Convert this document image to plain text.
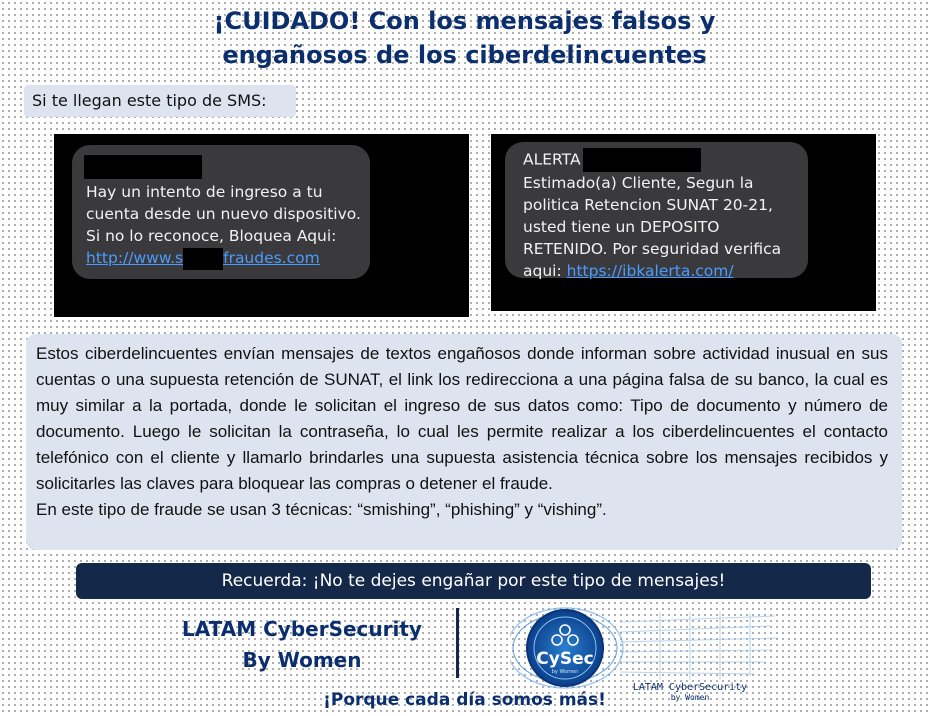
¡CUIDADO! Con los mensajes falsos y
engañosos de los ciberdelincuentes
Si te llegan este tipo de SMS:
Hay un intento de ingreso a tu
cuenta desde un nuevo dispositivo.
Si no lo reconoce, Bloquea Aqui:
http://www.s	fraudes.com
ALERTA
Estimado(a) Cliente, Segun la
politica Retencion SUNAT 20-21,
usted tiene un DEPOSITO
RETENIDO. Por seguridad verifica
aqui: https://ibkalerta.com/

Estos ciberdelincuentes envían mensajes de textos engañosos donde informan sobre actividad inusual en sus cuentas o una supuesta retención de SUNAT, el link los redirecciona a una página falsa de su banco, la cual es muy similar a la portada, donde le solicitan el ingreso de sus datos como: Tipo de documento y número de documento. Luego le solicitan la contraseña, lo cual les permite realizar a los ciberdelincuentes el contacto telefónico con el cliente y llamarlo brindarles una supuesta asistencia técnica sobre los mensajes recibidos y solicitarles las claves para bloquear las compras o detener el fraude.

En este tipo de fraude se usan 3 técnicas: “smishing”, “phishing” y “vishing”.

Recuerda: ¡No te dejes engañar por este tipo de mensajes!
LATAM CyberSecurity
By Women	CySec
by Women
LATAM CyberSecurity
by Women
¡Porque cada día somos más!
